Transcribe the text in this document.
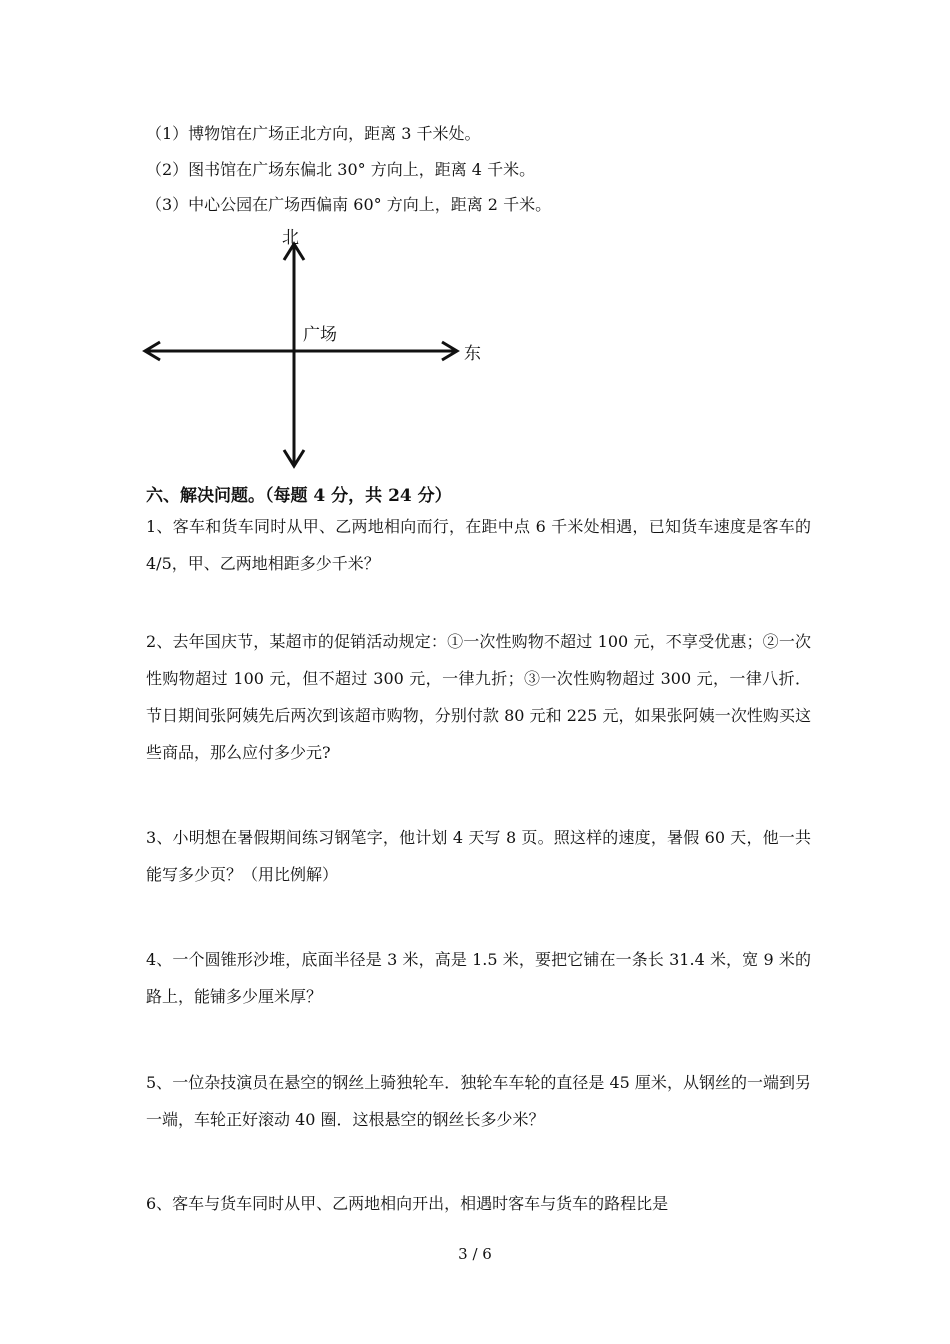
（1）博物馆在广场正北方向，距离 3 千米处。

（2）图书馆在广场东偏北 30° 方向上，距离 4 千米。

（3）中心公园在广场西偏南 60° 方向上，距离 2 千米。

北
东
广场

六、解决问题。（每题 4 分，共 24 分）

1、客车和货车同时从甲、乙两地相向而行，在距中点 6 千米处相遇，已知货车速度是客车的 4/5，甲、乙两地相距多少千米？

2、去年国庆节，某超市的促销活动规定：①一次性购物不超过 100 元，不享受优惠；②一次性购物超过 100 元，但不超过 300 元，一律九折；③一次性购物超过 300 元，一律八折．节日期间张阿姨先后两次到该超市购物，分别付款 80 元和 225 元，如果张阿姨一次性购买这些商品，那么应付多少元?

3、小明想在暑假期间练习钢笔字，他计划 4 天写 8 页。照这样的速度，暑假 60 天，他一共能写多少页？（用比例解）

4、一个圆锥形沙堆，底面半径是 3 米，高是 1.5 米，要把它铺在一条长 31.4 米，宽 9 米的路上，能铺多少厘米厚？

5、一位杂技演员在悬空的钢丝上骑独轮车．独轮车车轮的直径是 45 厘米，从钢丝的一端到另一端，车轮正好滚动 40 圈．这根悬空的钢丝长多少米？

6、客车与货车同时从甲、乙两地相向开出，相遇时客车与货车的路程比是

3 / 6
